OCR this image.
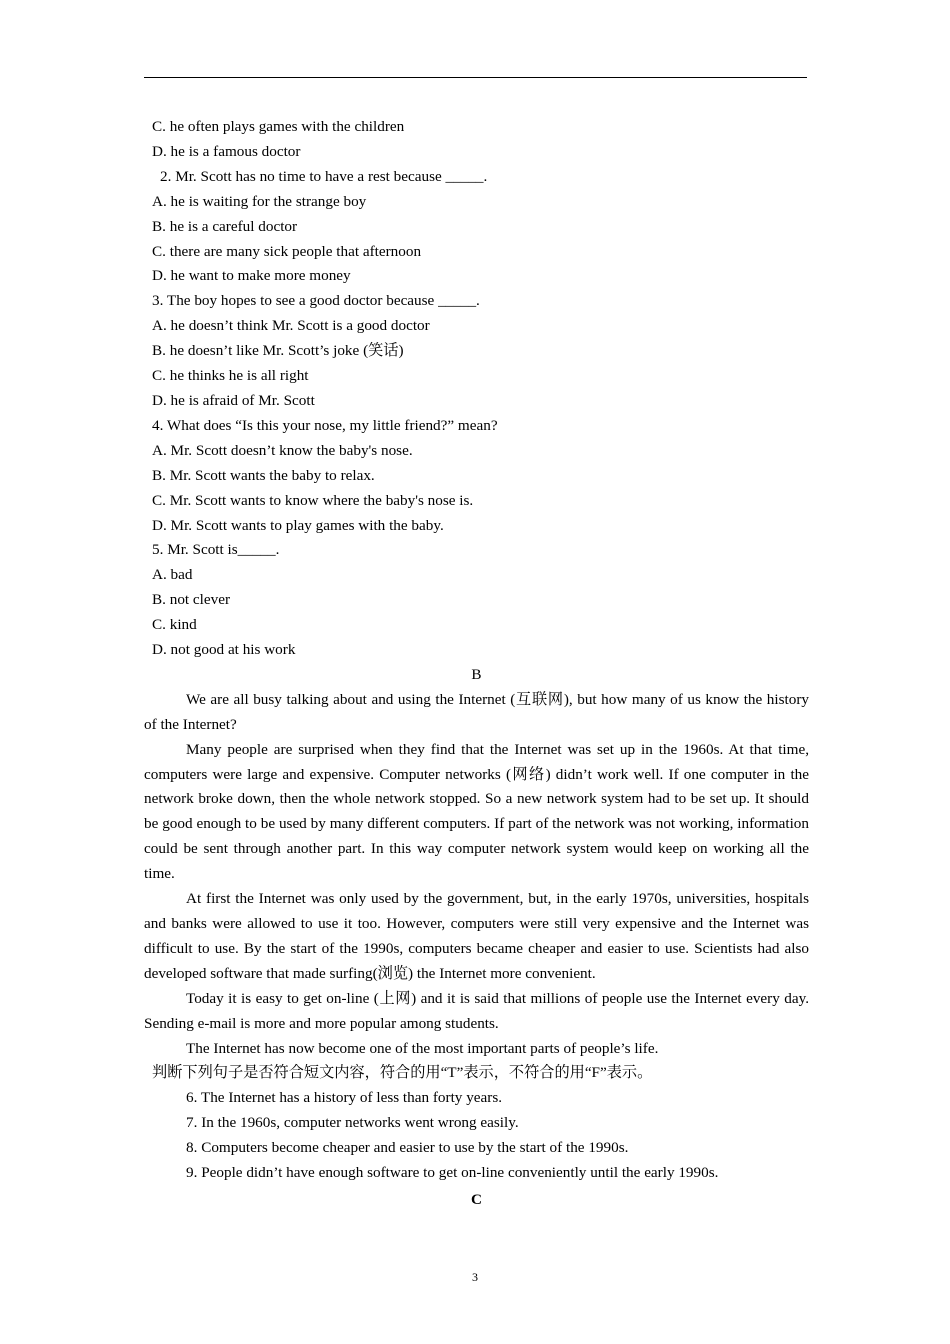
C. he often plays games with the children
D. he is a famous doctor
2. Mr. Scott has no time to have a rest because _____.
A. he is waiting for the strange boy
B. he is a careful doctor
C. there are many sick people that afternoon
D. he want to make more money
3. The boy hopes to see a good doctor because _____.
A. he doesn’t think Mr. Scott is a good doctor
B. he doesn’t like Mr. Scott’s joke (笑话)
C. he thinks he is all right
D. he is afraid of Mr. Scott
4. What does “Is this your nose, my little friend?” mean?
A. Mr. Scott doesn’t know the baby's nose.
B. Mr. Scott wants the baby to relax.
C. Mr. Scott wants to know where the baby's nose is.
D. Mr. Scott wants to play games with the baby.
5. Mr. Scott is_____.
A. bad
B. not clever
C. kind
D. not good at his work
B
We are all busy talking about and using the Internet (互联网), but how many of us know the history of the Internet?
Many people are surprised when they find that the Internet was set up in the 1960s. At that time, computers were large and expensive. Computer networks (网络) didn’t work well. If one computer in the network broke down, then the whole network stopped. So a new network system had to be set up. It should be good enough to be used by many different computers. If part of the network was not working, information could be sent through another part. In this way computer network system would keep on working all the time.
At first the Internet was only used by the government, but, in the early 1970s, universities, hospitals and banks were allowed to use it too. However, computers were still very expensive and the Internet was difficult to use. By the start of the 1990s, computers became cheaper and easier to use. Scientists had also developed software that made surfing(浏览) the Internet more convenient.
Today it is easy to get on-line (上网) and it is said that millions of people use the Internet every day. Sending e-mail is more and more popular among students.
The Internet has now become one of the most important parts of people’s life.
判断下列句子是否符合短文内容，符合的用“T”表示，不符合的用“F”表示。
6. The Internet has a history of less than forty years.
7. In the 1960s, computer networks went wrong easily.
8. Computers become cheaper and easier to use by the start of the 1990s.
9. People didn’t have enough software to get on-line conveniently until the early 1990s.
C
3
